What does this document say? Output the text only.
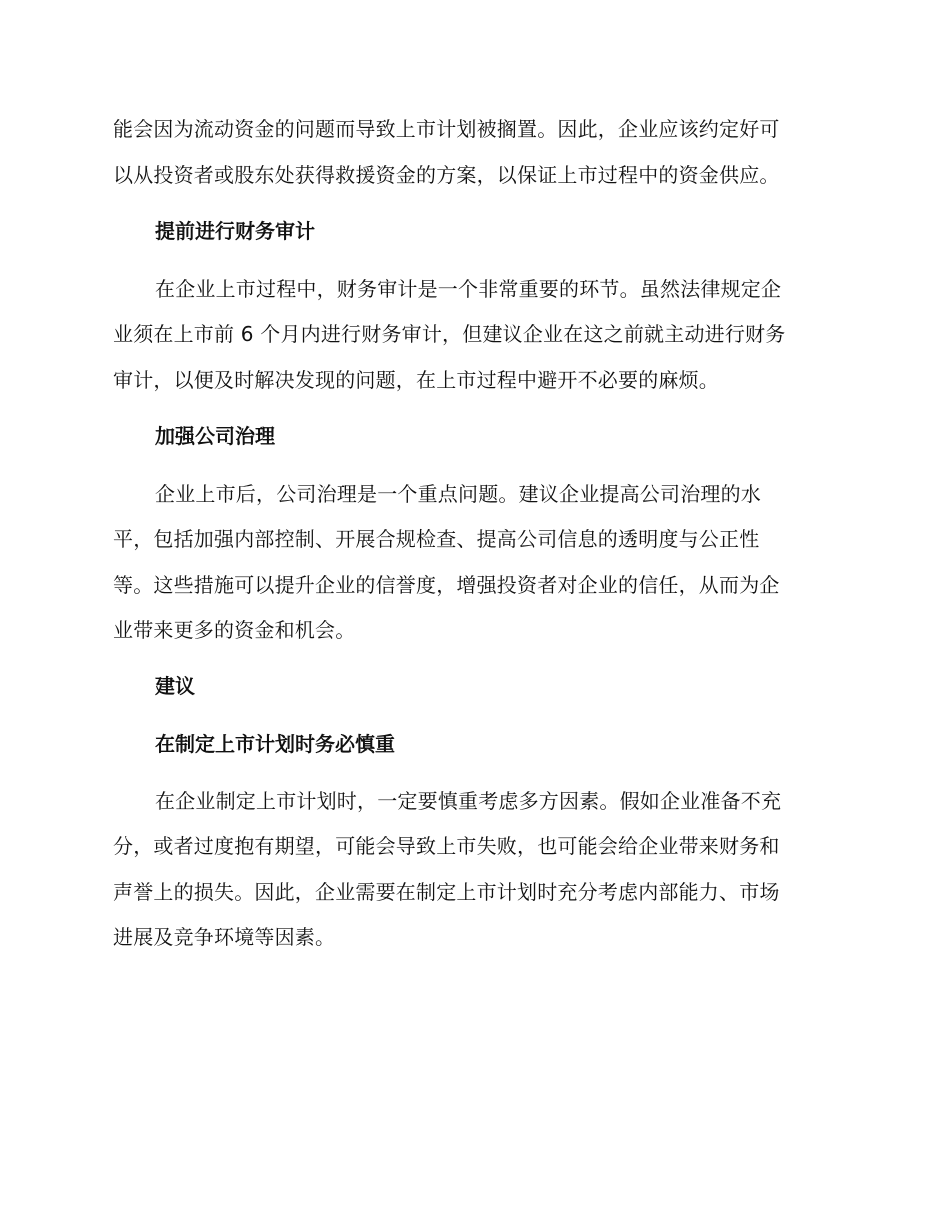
能会因为流动资金的问题而导致上市计划被搁置。因此，企业应该约定好可
以从投资者或股东处获得救援资金的方案，以保证上市过程中的资金供应。
提前进行财务审计
在企业上市过程中，财务审计是一个非常重要的环节。虽然法律规定企
业须在上市前 6 个月内进行财务审计，但建议企业在这之前就主动进行财务
审计，以便及时解决发现的问题，在上市过程中避开不必要的麻烦。
加强公司治理
企业上市后，公司治理是一个重点问题。建议企业提高公司治理的水
平，包括加强内部控制、开展合规检查、提高公司信息的透明度与公正性
等。这些措施可以提升企业的信誉度，增强投资者对企业的信任，从而为企
业带来更多的资金和机会。
建议
在制定上市计划时务必慎重
在企业制定上市计划时，一定要慎重考虑多方因素。假如企业准备不充
分，或者过度抱有期望，可能会导致上市失败，也可能会给企业带来财务和
声誉上的损失。因此，企业需要在制定上市计划时充分考虑内部能力、市场
进展及竞争环境等因素。
